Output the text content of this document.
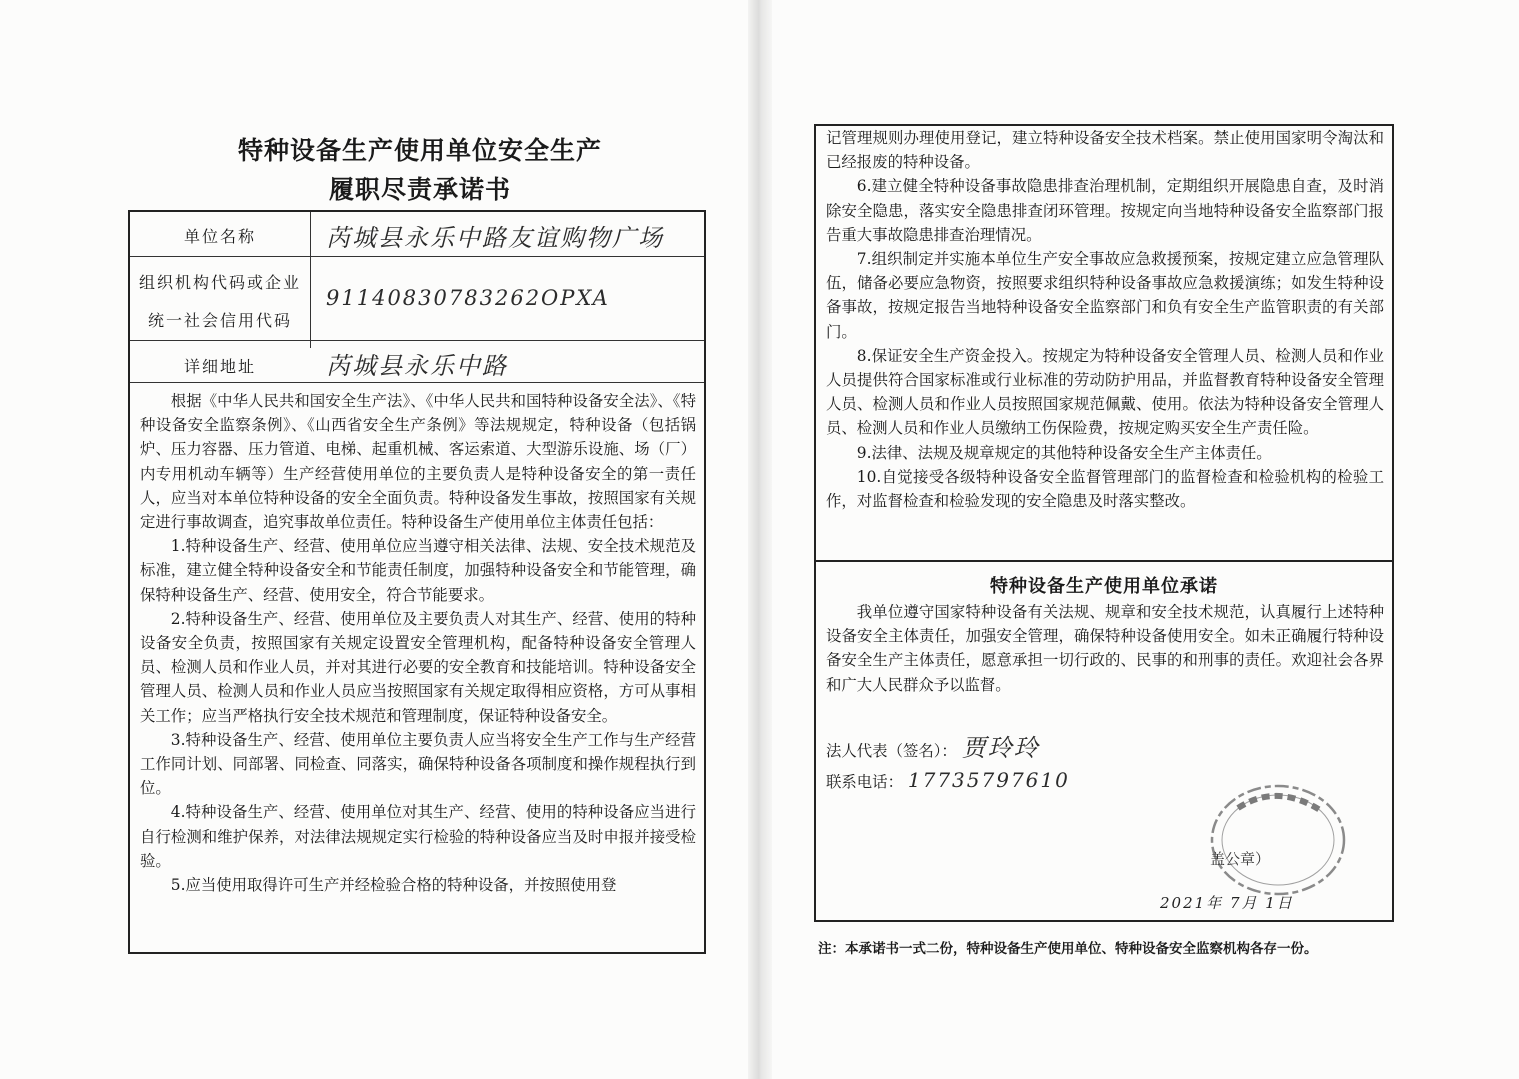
特种设备生产使用单位安全生产
履职尽责承诺书
单位名称	芮城县永乐中路友谊购物广场
组织机构代码或企业
统一社会信用代码
91140830783262OPXA
详细地址	芮城县永乐中路

根据《中华人民共和国安全生产法》、《中华人民共和国特种设备安全法》、《特种设备安全监察条例》、《山西省安全生产条例》等法规规定，特种设备（包括锅炉、压力容器、压力管道、电梯、起重机械、客运索道、大型游乐设施、场（厂）内专用机动车辆等）生产经营使用单位的主要负责人是特种设备安全的第一责任人，应当对本单位特种设备的安全全面负责。特种设备发生事故，按照国家有关规定进行事故调查，追究事故单位责任。特种设备生产使用单位主体责任包括：

1.特种设备生产、经营、使用单位应当遵守相关法律、法规、安全技术规范及标准，建立健全特种设备安全和节能责任制度，加强特种设备安全和节能管理，确保特种设备生产、经营、使用安全，符合节能要求。

2.特种设备生产、经营、使用单位及主要负责人对其生产、经营、使用的特种设备安全负责，按照国家有关规定设置安全管理机构，配备特种设备安全管理人员、检测人员和作业人员，并对其进行必要的安全教育和技能培训。特种设备安全管理人员、检测人员和作业人员应当按照国家有关规定取得相应资格，方可从事相关工作；应当严格执行安全技术规范和管理制度，保证特种设备安全。

3.特种设备生产、经营、使用单位主要负责人应当将安全生产工作与生产经营工作同计划、同部署、同检查、同落实，确保特种设备各项制度和操作规程执行到位。

4.特种设备生产、经营、使用单位对其生产、经营、使用的特种设备应当进行自行检测和维护保养，对法律法规规定实行检验的特种设备应当及时申报并接受检验。

5.应当使用取得许可生产并经检验合格的特种设备，并按照使用登

记管理规则办理使用登记，建立特种设备安全技术档案。禁止使用国家明令淘汰和已经报废的特种设备。

6.建立健全特种设备事故隐患排查治理机制，定期组织开展隐患自查，及时消除安全隐患，落实安全隐患排查闭环管理。按规定向当地特种设备安全监察部门报告重大事故隐患排查治理情况。

7.组织制定并实施本单位生产安全事故应急救援预案，按规定建立应急管理队伍，储备必要应急物资，按照要求组织特种设备事故应急救援演练；如发生特种设备事故，按规定报告当地特种设备安全监察部门和负有安全生产监管职责的有关部门。

8.保证安全生产资金投入。按规定为特种设备安全管理人员、检测人员和作业人员提供符合国家标准或行业标准的劳动防护用品，并监督教育特种设备安全管理人员、检测人员和作业人员按照国家规范佩戴、使用。依法为特种设备安全管理人员、检测人员和作业人员缴纳工伤保险费，按规定购买安全生产责任险。

9.法律、法规及规章规定的其他特种设备安全生产主体责任。

10.自觉接受各级特种设备安全监督管理部门的监督检查和检验机构的检验工作，对监督检查和检验发现的安全隐患及时落实整改。

特种设备生产使用单位承诺

我单位遵守国家特种设备有关法规、规章和安全技术规范，认真履行上述特种设备安全主体责任，加强安全管理，确保特种设备使用安全。如未正确履行特种设备安全生产主体责任，愿意承担一切行政的、民事的和刑事的责任。欢迎社会各界和广大人民群众予以监督。

法人代表（签名）： 贾玲玲
联系电话： 17735797610
盖公章）
2021年 7月 1日
注：本承诺书一式二份，特种设备生产使用单位、特种设备安全监察机构各存一份。
